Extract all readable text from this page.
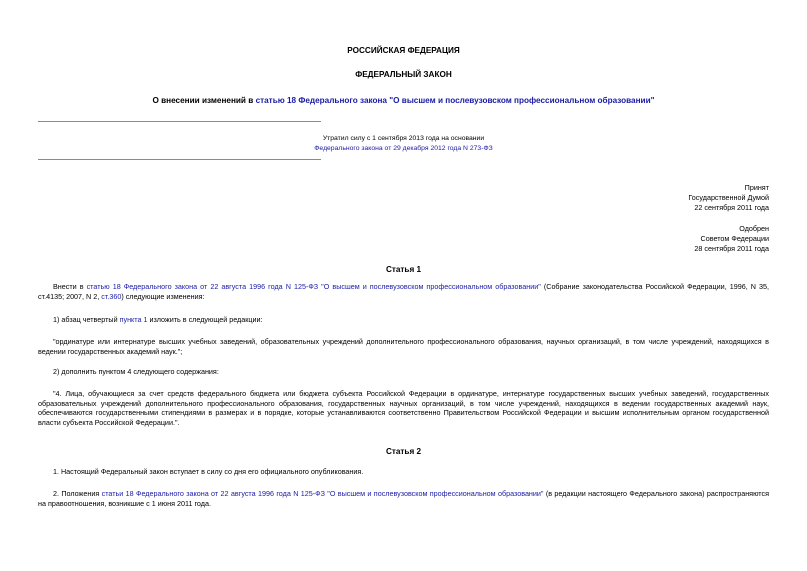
РОССИЙСКАЯ ФЕДЕРАЦИЯ
ФЕДЕРАЛЬНЫЙ ЗАКОН
О внесении изменений в статью 18 Федерального закона "О высшем и послевузовском профессиональном образовании"
Утратил силу с 1 сентября 2013 года на основании
Федерального закона от 29 декабря 2012 года N 273-ФЗ
Принят
Государственной Думой
22 сентября 2011 года
Одобрен
Советом Федерации
28 сентября 2011 года
Статья 1
Внести в статью 18 Федерального закона от 22 августа 1996 года N 125-ФЗ "О высшем и послевузовском профессиональном образовании" (Собрание законодательства Российской Федерации, 1996, N 35, ст.4135; 2007, N 2, ст.360) следующие изменения:
1) абзац четвертый пункта 1 изложить в следующей редакции:
"ординатуре или интернатуре высших учебных заведений, образовательных учреждений дополнительного профессионального образования, научных организаций, в том числе учреждений, находящихся в ведении государственных академий наук.";
2) дополнить пунктом 4 следующего содержания:
"4. Лица, обучающиеся за счет средств федерального бюджета или бюджета субъекта Российской Федерации в ординатуре, интернатуре государственных высших учебных заведений, государственных образовательных учреждений дополнительного профессионального образования, государственных научных организаций, в том числе учреждений, находящихся в ведении государственных академий наук, обеспечиваются государственными стипендиями в размерах и в порядке, которые устанавливаются соответственно Правительством Российской Федерации и высшим исполнительным органом государственной власти субъекта Российской Федерации.".
Статья 2
1. Настоящий Федеральный закон вступает в силу со дня его официального опубликования.
2. Положения статьи 18 Федерального закона от 22 августа 1996 года N 125-ФЗ "О высшем и послевузовском профессиональном образовании" (в редакции настоящего Федерального закона) распространяются на правоотношения, возникшие с 1 июня 2011 года.
